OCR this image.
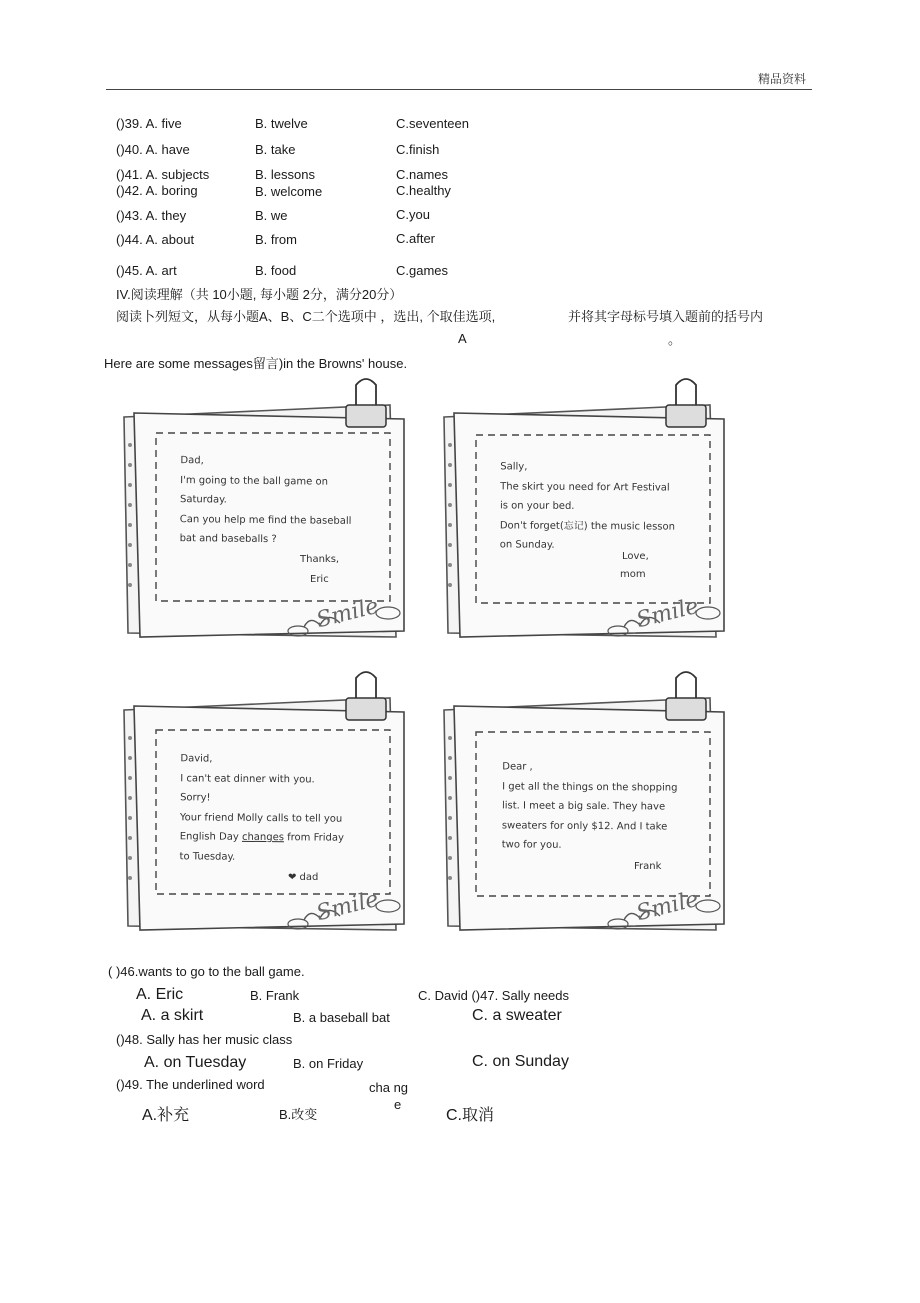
精品资料
()39. A. five	B. twelve	C.seventeen
()40. A. have	B. take	C.finish
()41. A. subjects	B. lessons	C.names
()42. A. boring	B. welcome	C.healthy
()43. A. they	B. we	C.you
()44. A. about	B. from	C.after
()45. A. art	B. food	C.games
IV.阅读理解（共 10小题, 每小题 2分，满分20分）
阅读卜列短文，从每小题A、B、C二个选项中 ，选出, 个取佳选项,	并将其字母标号填入题前的括号内
A	。
Here are some messages留言)in the Browns' house.
Dad,
I'm going to the ball game on
Saturday.
Can you help me find the baseball
bat and baseballs ?
Thanks,
Eric
Smile
Sally,
The skirt you need for Art Festival
is on your bed.
Don't forget(忘记) the music lesson
on Sunday.
Love,
mom
Smile
David,
I can't eat dinner with you.
Sorry!
Your friend Molly calls to tell you
English Day changes from Friday
to Tuesday.
❤ dad
Smile
Dear ,
I get all the things on the shopping
list. I meet a big sale. They have
sweaters for only $12. And I take
two for you.
Frank
Smile
( )46.wants to go to the ball game.
A. Eric	B. Frank	C. David ()47. Sally needs
A. a skirt	B. a baseball bat	C. a sweater
()48. Sally has her music class
A. on Tuesday	B. on Friday	C. on Sunday
()49. The underlined word	cha ng
e
A.补充	B.改变	C.取消
